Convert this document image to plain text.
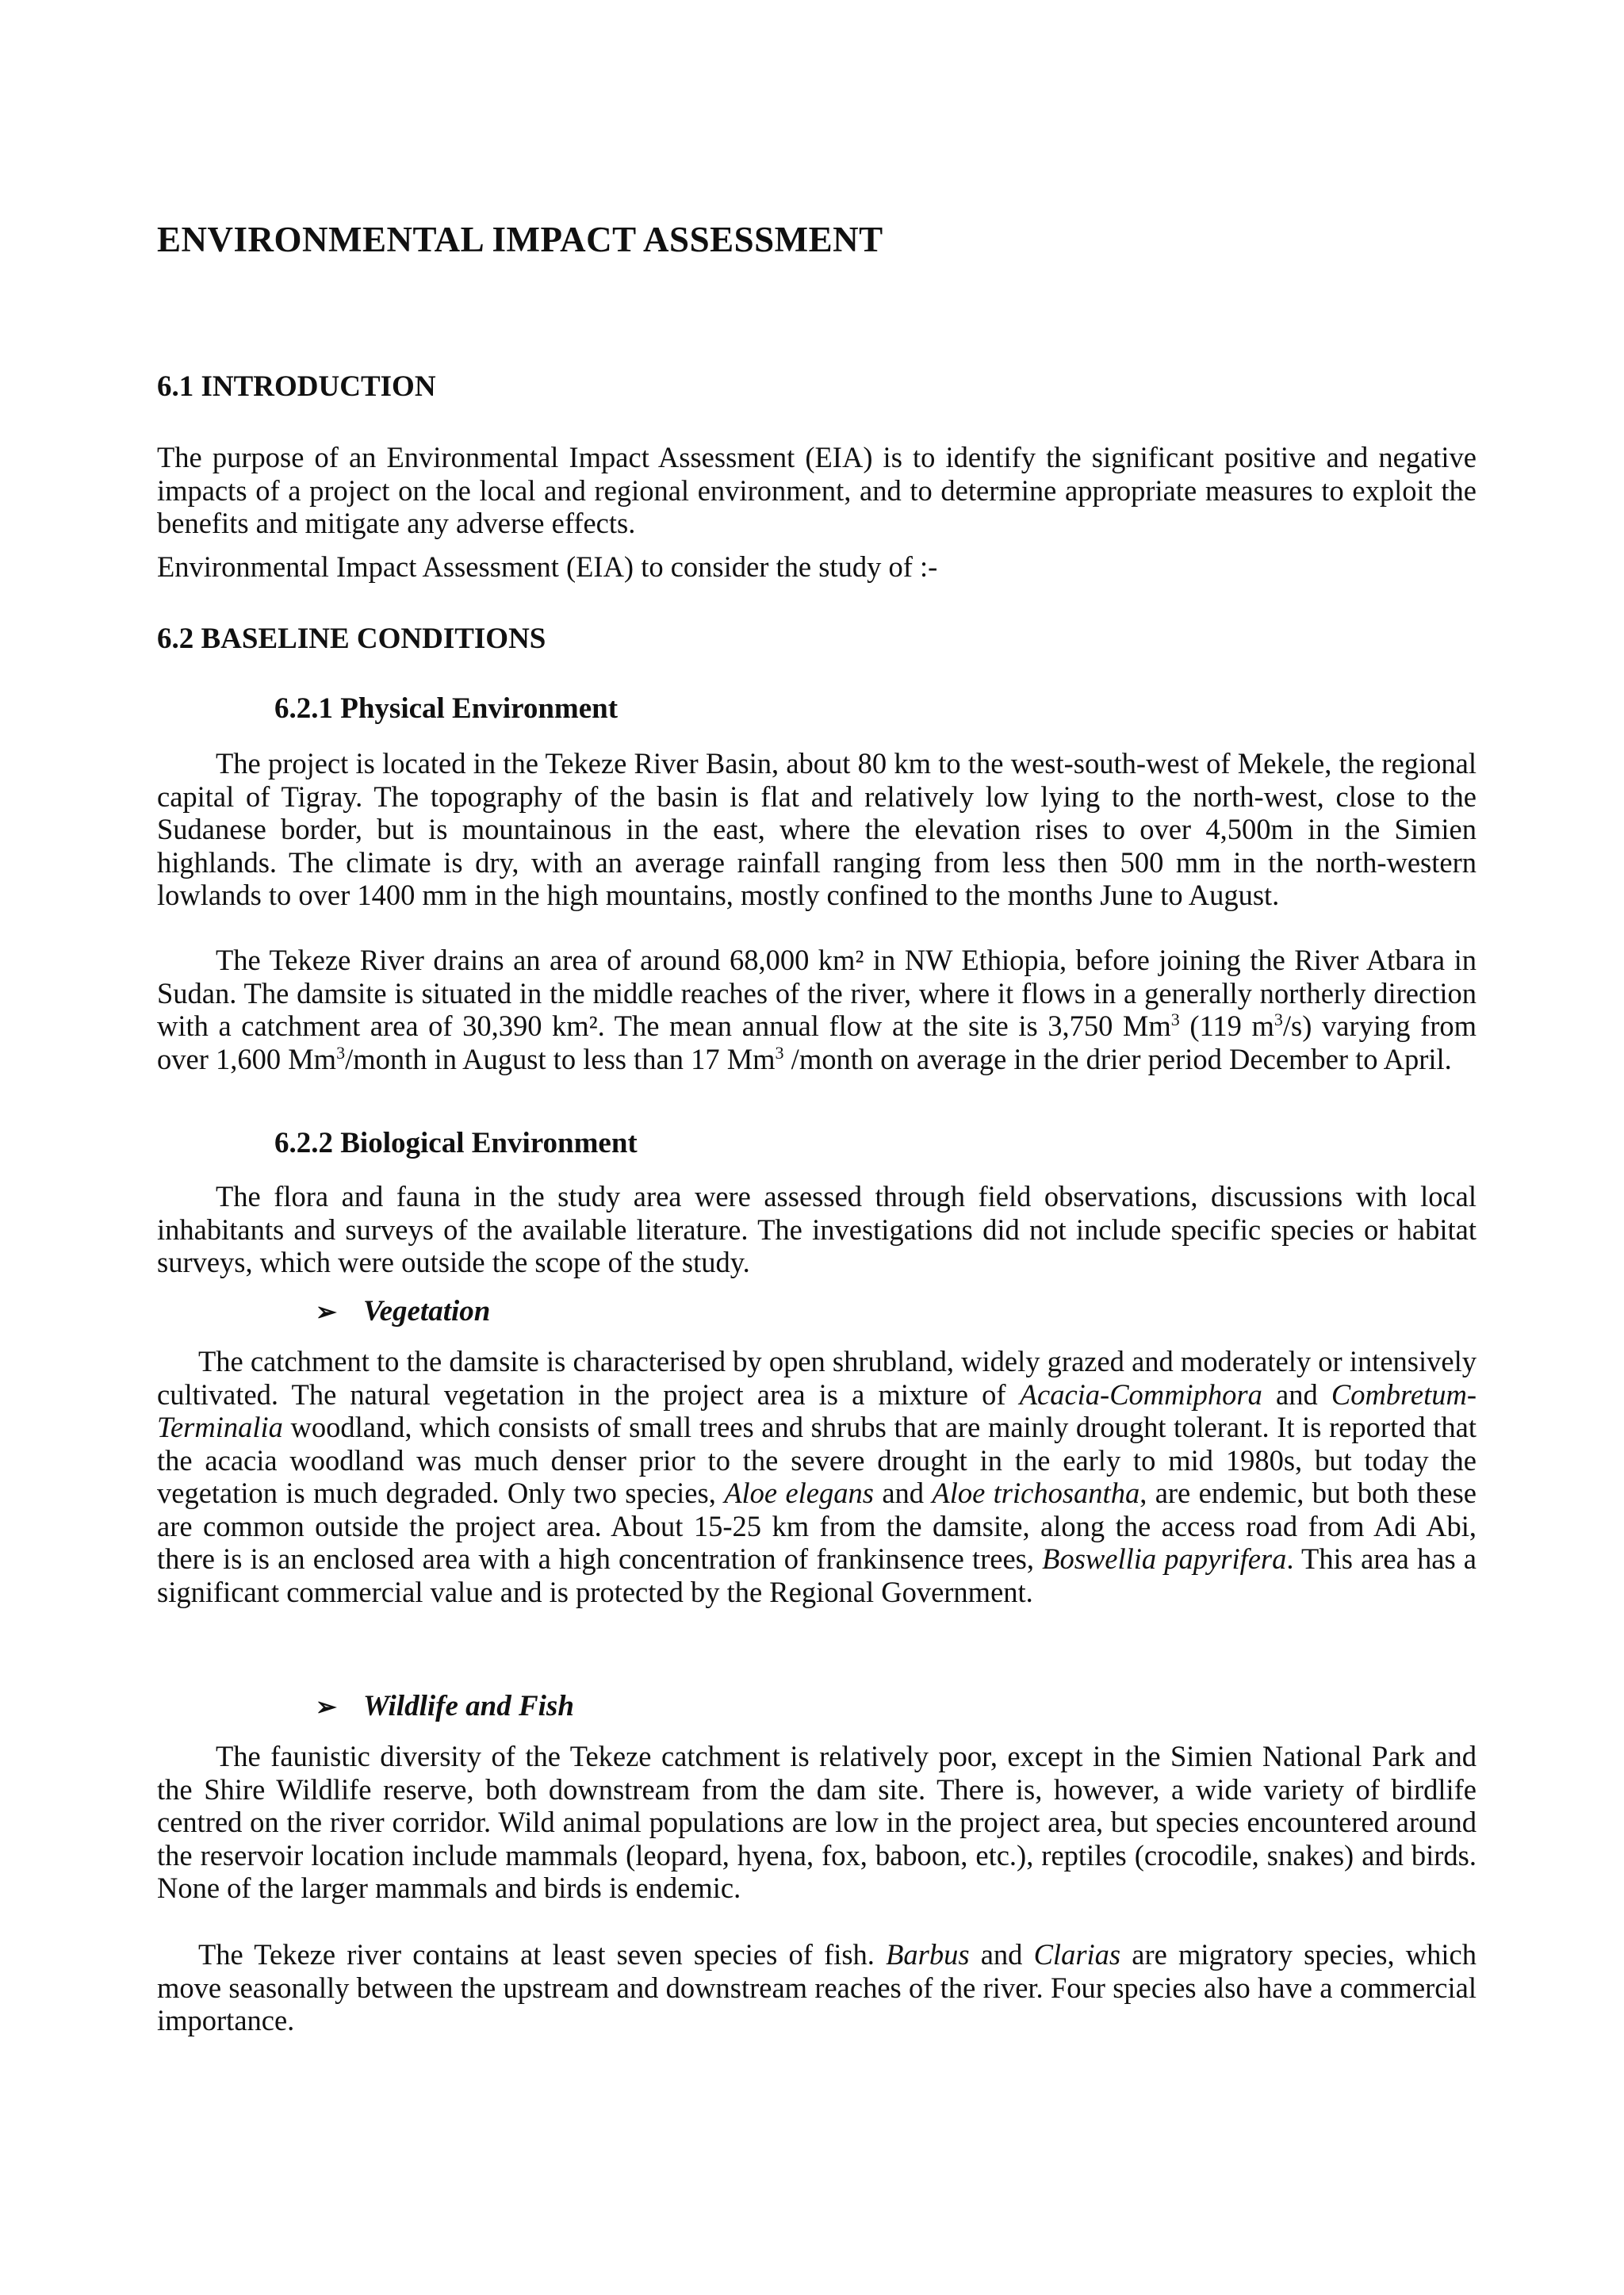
ENVIRONMENTAL IMPACT ASSESSMENT
6.1 INTRODUCTION

The purpose of an Environmental Impact Assessment (EIA) is to identify the significant positive and negative impacts of a project on the local and regional environment, and to determine appropriate measures to exploit the benefits and mitigate any adverse effects.

Environmental Impact Assessment (EIA) to consider the study of :-

6.2 BASELINE CONDITIONS
6.2.1 Physical Environment

The project is located in the Tekeze River Basin, about 80 km to the west-south-west of Mekele, the regional capital of Tigray. The topography of the basin is flat and relatively low lying to the north-west, close to the Sudanese border, but is mountainous in the east, where the elevation rises to over 4,500m in the Simien highlands. The climate is dry, with an average rainfall ranging from less then 500 mm in the north-western lowlands to over 1400 mm in the high mountains, mostly confined to the months June to August.

The Tekeze River drains an area of around 68,000 km² in NW Ethiopia, before joining the River Atbara in Sudan. The damsite is situated in the middle reaches of the river, where it flows in a generally northerly direction with a catchment area of 30,390 km². The mean annual flow at the site is 3,750 Mm$^3$ (119 $m^3/s$) varying from over 1,600 Mm$^3$/month in August to less than 17 Mm$^3$ /month on average in the drier period December to April.

6.2.2 Biological Environment

The flora and fauna in the study area were assessed through field observations, discussions with local inhabitants and surveys of the available literature. The investigations did not include specific species or habitat surveys, which were outside the scope of the study.

➢ Vegetation

The catchment to the damsite is characterised by open shrubland, widely grazed and moderately or intensively cultivated. The natural vegetation in the project area is a mixture of Acacia-Commiphora and Combretum-Terminalia woodland, which consists of small trees and shrubs that are mainly drought tolerant. It is reported that the acacia woodland was much denser prior to the severe drought in the early to mid 1980s, but today the vegetation is much degraded. Only two species, Aloe elegans and Aloe trichosantha, are endemic, but both these are common outside the project area. About 15-25 km from the damsite, along the access road from Adi Abi, there is is an enclosed area with a high concentration of frankinsence trees, Boswellia papyrifera. This area has a significant commercial value and is protected by the Regional Government.

➢ Wildlife and Fish

The faunistic diversity of the Tekeze catchment is relatively poor, except in the Simien National Park and the Shire Wildlife reserve, both downstream from the dam site. There is, however, a wide variety of birdlife centred on the river corridor. Wild animal populations are low in the project area, but species encountered around the reservoir location include mammals (leopard, hyena, fox, baboon, etc.), reptiles (crocodile, snakes) and birds. None of the larger mammals and birds is endemic.

The Tekeze river contains at least seven species of fish. Barbus and Clarias are migratory species, which move seasonally between the upstream and downstream reaches of the river. Four species also have a commercial importance.
